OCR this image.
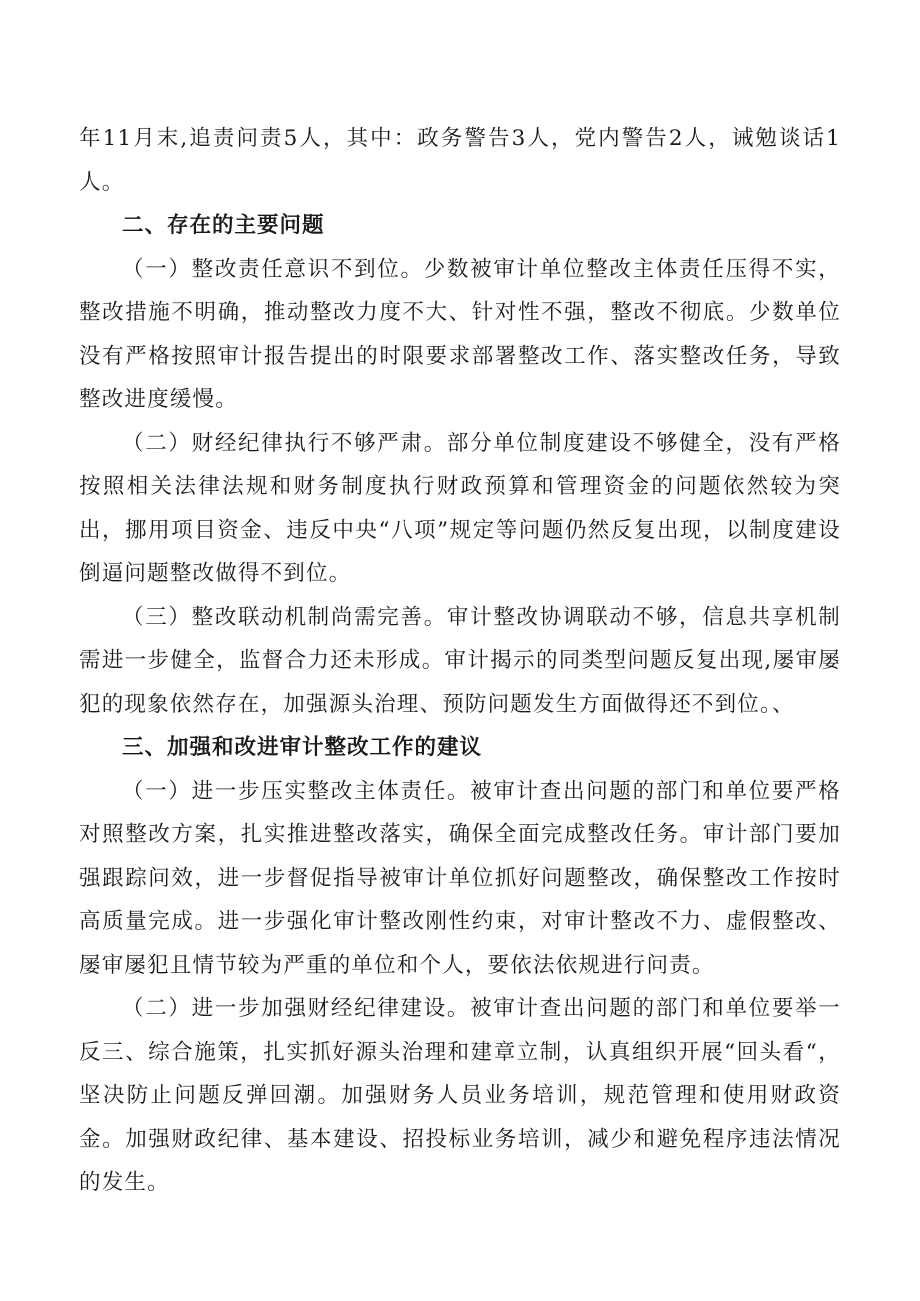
年11月末,追责问责5人，其中：政务警告3人，党内警告2人，诫勉谈话1人。

二、存在的主要问题

（一）整改责任意识不到位。少数被审计单位整改主体责任压得不实，整改措施不明确，推动整改力度不大、针对性不强，整改不彻底。少数单位没有严格按照审计报告提出的时限要求部署整改工作、落实整改任务，导致整改进度缓慢。

（二）财经纪律执行不够严肃。部分单位制度建设不够健全，没有严格按照相关法律法规和财务制度执行财政预算和管理资金的问题依然较为突出，挪用项目资金、违反中央“八项”规定等问题仍然反复出现，以制度建设倒逼问题整改做得不到位。

（三）整改联动机制尚需完善。审计整改协调联动不够，信息共享机制需进一步健全，监督合力还未形成。审计揭示的同类型问题反复出现,屡审屡犯的现象依然存在，加强源头治理、预防问题发生方面做得还不到位。、

三、加强和改进审计整改工作的建议

（一）进一步压实整改主体责任。被审计查出问题的部门和单位要严格对照整改方案，扎实推进整改落实，确保全面完成整改任务。审计部门要加强跟踪问效，进一步督促指导被审计单位抓好问题整改，确保整改工作按时高质量完成。进一步强化审计整改刚性约束，对审计整改不力、虚假整改、屡审屡犯且情节较为严重的单位和个人，要依法依规进行问责。

（二）进一步加强财经纪律建设。被审计查出问题的部门和单位要举一反三、综合施策，扎实抓好源头治理和建章立制，认真组织开展“回头看“，坚决防止问题反弹回潮。加强财务人员业务培训，规范管理和使用财政资金。加强财政纪律、基本建设、招投标业务培训，减少和避免程序违法情况的发生。
